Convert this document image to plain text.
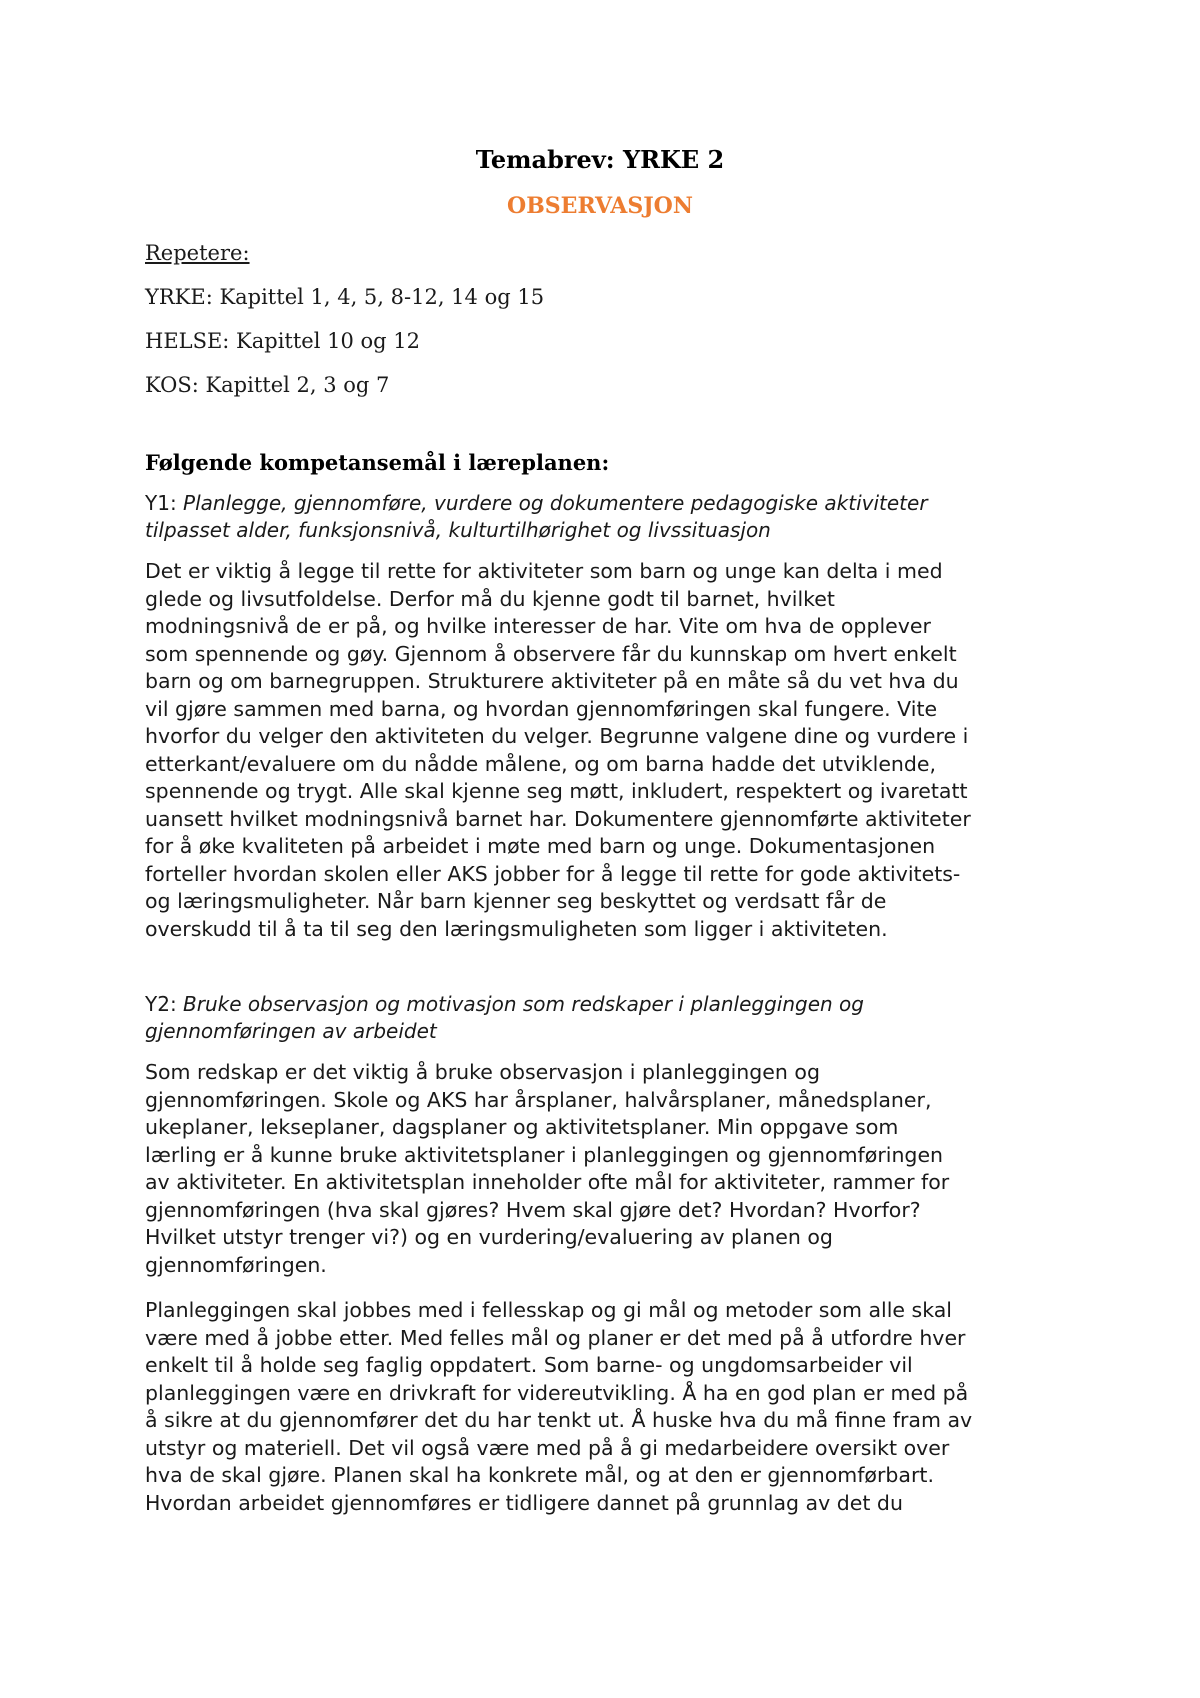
Temabrev: YRKE 2
OBSERVASJON
Repetere:
YRKE: Kapittel 1, 4, 5, 8-12, 14 og 15
HELSE: Kapittel 10 og 12
KOS: Kapittel 2, 3 og 7
Følgende kompetansemål i læreplanen:
Y1: Planlegge, gjennomføre, vurdere og dokumentere pedagogiske aktiviteter
tilpasset alder, funksjonsnivå, kulturtilhørighet og livssituasjon
Det er viktig å legge til rette for aktiviteter som barn og unge kan delta i med
glede og livsutfoldelse. Derfor må du kjenne godt til barnet, hvilket
modningsnivå de er på, og hvilke interesser de har. Vite om hva de opplever
som spennende og gøy. Gjennom å observere får du kunnskap om hvert enkelt
barn og om barnegruppen. Strukturere aktiviteter på en måte så du vet hva du
vil gjøre sammen med barna, og hvordan gjennomføringen skal fungere. Vite
hvorfor du velger den aktiviteten du velger. Begrunne valgene dine og vurdere i
etterkant/evaluere om du nådde målene, og om barna hadde det utviklende,
spennende og trygt. Alle skal kjenne seg møtt, inkludert, respektert og ivaretatt
uansett hvilket modningsnivå barnet har. Dokumentere gjennomførte aktiviteter
for å øke kvaliteten på arbeidet i møte med barn og unge. Dokumentasjonen
forteller hvordan skolen eller AKS jobber for å legge til rette for gode aktivitets-
og læringsmuligheter. Når barn kjenner seg beskyttet og verdsatt får de
overskudd til å ta til seg den læringsmuligheten som ligger i aktiviteten.
Y2: Bruke observasjon og motivasjon som redskaper i planleggingen og
gjennomføringen av arbeidet
Som redskap er det viktig å bruke observasjon i planleggingen og
gjennomføringen. Skole og AKS har årsplaner, halvårsplaner, månedsplaner,
ukeplaner, lekseplaner, dagsplaner og aktivitetsplaner. Min oppgave som
lærling er å kunne bruke aktivitetsplaner i planleggingen og gjennomføringen
av aktiviteter. En aktivitetsplan inneholder ofte mål for aktiviteter, rammer for
gjennomføringen (hva skal gjøres? Hvem skal gjøre det? Hvordan? Hvorfor?
Hvilket utstyr trenger vi?) og en vurdering/evaluering av planen og
gjennomføringen.
Planleggingen skal jobbes med i fellesskap og gi mål og metoder som alle skal
være med å jobbe etter. Med felles mål og planer er det med på å utfordre hver
enkelt til å holde seg faglig oppdatert. Som barne- og ungdomsarbeider vil
planleggingen være en drivkraft for videreutvikling. Å ha en god plan er med på
å sikre at du gjennomfører det du har tenkt ut. Å huske hva du må finne fram av
utstyr og materiell. Det vil også være med på å gi medarbeidere oversikt over
hva de skal gjøre. Planen skal ha konkrete mål, og at den er gjennomførbart.
Hvordan arbeidet gjennomføres er tidligere dannet på grunnlag av det du
